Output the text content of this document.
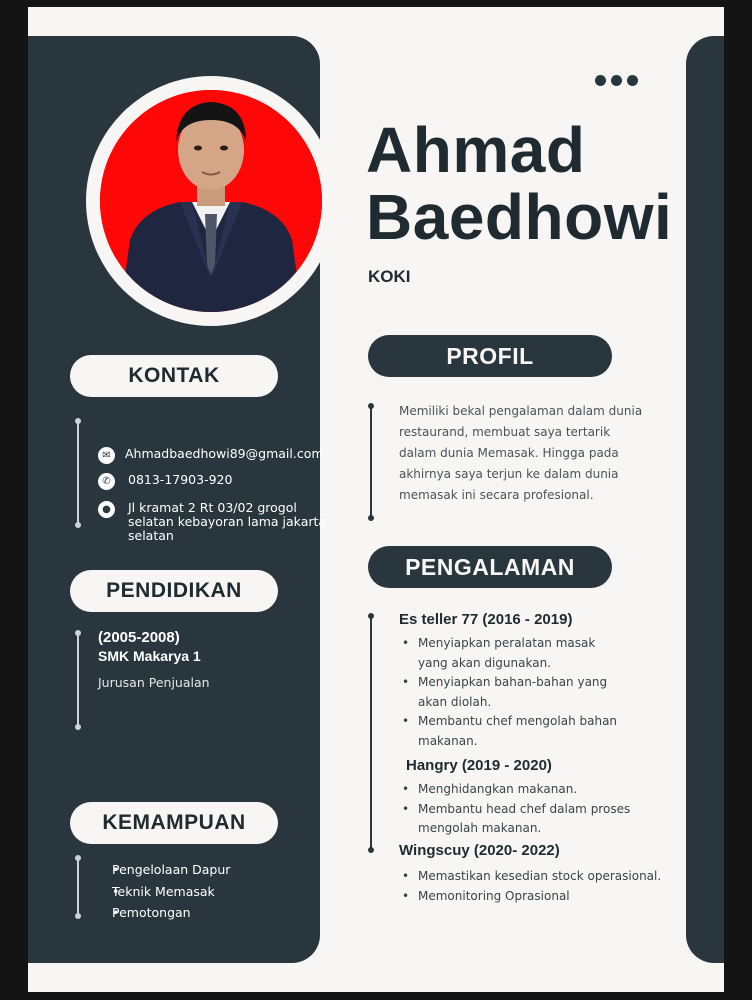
Ahmad
Baedhowi
KOKI
KONTAK
✉	Ahmadbaedhowi89@gmail.com
✆	0813-17903-920
●	Jl kramat 2 Rt 03/02 grogol
selatan kebayoran lama jakarta
selatan
PENDIDIKAN
(2005-2008)
SMK Makarya 1
Jurusan Penjualan
KEMAMPUAN
• Pengelolaan Dapur
• Teknik Memasak
• Pemotongan
PROFIL
Memiliki bekal pengalaman dalam dunia
restaurand, membuat saya tertarik
dalam dunia Memasak. Hingga pada
akhirnya saya terjun ke dalam dunia
memasak ini secara profesional.
PENGALAMAN
Es teller 77 (2016 - 2019)
• Menyiapkan peralatan masak
yang akan digunakan.
• Menyiapkan bahan-bahan yang
akan diolah.
• Membantu chef mengolah bahan
makanan.
Hangry (2019 - 2020)
• Menghidangkan makanan.
• Membantu head chef dalam proses
mengolah makanan.
Wingscuy (2020- 2022)
• Memastikan kesedian stock operasional.
• Memonitoring Oprasional
